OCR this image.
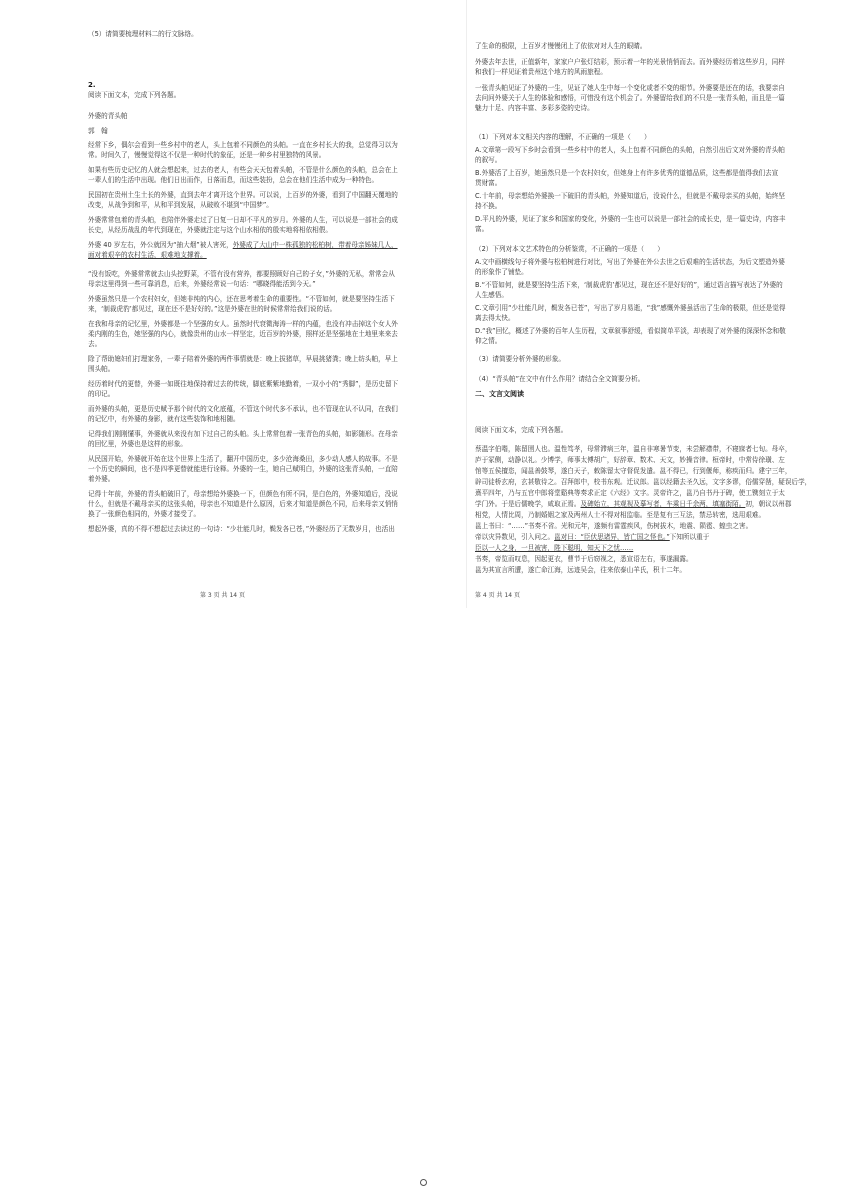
（5）请简要梳理材料二的行文脉络。
2.
阅读下面文本，完成下列各题。
外婆的青头帕
郭　翰
经常下乡，偶尔会看到一些乡村中的老人，头上包着不同颜色的头帕。一直在乡村长大的我，总觉得习以为
常。时间久了，慢慢觉得这不仅是一种时代的象征，还是一种乡村里独特的风景。
如果有些历史记忆的人就会想起来，过去的老人，有些会天天包着头帕，不管是什么颜色的头帕，总会在上
一辈人们的生活中出现。他们日出而作，日落而息，而这些装扮，总会在他们生活中成为一种特色。
民国初在贵州土生土长的外婆，直到去年才离开这个世界。可以说，上百岁的外婆，看到了中国翻天覆地的
改变，从战争到和平，从和平到发展，从破败不堪到“中国梦”。
外婆常常包着的青头帕，也陪伴外婆走过了日复一日却不平凡的岁月。外婆的人生，可以说是一部社会的成
长史，从经历战乱的年代到现在，外婆就注定与这个山水相依的殷实地将相依相偎。
外婆 40 岁左右，外公就因为“抽大烟”被人害死，外婆成了大山中一株孤独的松柏树，带着母亲姊妹几人，
面对着艰辛的农村生活，艰难地支撑着。
“没有饭吃，外婆常常就去山头挖野菜，不管有没有营养，都要照顾好自己的子女，”外婆的无私，常常会从
母亲这里得到一些可靠消息，后来，外婆经常说一句话：“哪晓得能活到今天。”
外婆虽然只是一个农村妇女，但她非纯的内心，还在思考着生命的重要性。“不管如何，就是要坚持生活下
来，‘制裁虎豹’都见过，现在还不是好好的。”这是外婆在世的时候常常给我们说的话。
在我和母亲的记忆里，外婆都是一个坚强的女人。虽然时代衰微海涛一样的内蕴，也没有冲击掉这个女人外
柔内刚的生色，她坚强的内心，就像贵州的山水一样坚定，近百岁的外婆，照样还是坚强地在土地里来来去
去。
除了帮助媳妇们打理家务，一辈子陪着外婆的两件事情就是：晚上拔猪草，早晨挑猪粪；晚上纺头帕，早上
围头帕。
经历着时代的更替，外婆一如既往地保持着过去的传统，脚底紫紫地勤着，一双小小的“秀脚”，是历史留下
的印记。
而外婆的头帕，更是历史赋予那个时代的文化底蕴，不管这个时代多不承认，也不管现在认不认同，在我们
的记忆中，有外婆的身影，就有这些装饰和地相随。
记得我们刚刚懂事，外婆就从来没有加下过自己的头帕。头上常常包着一张青色的头帕，如影随形。在母亲
的回忆里，外婆也是这样的形象。
从民国开始，外婆就开始在这个世界上生活了，翻开中国历史，多少沧海桑田，多少动人感人的故事。不是
一个历史的瞬间，也不是四季更替就能进行诠释。外婆的一生，她自己赋明白，外婆的这张青头帕，一直陪
着外婆。
记得十年前，外婆的青头帕破旧了，母亲想给外婆换一下，但颜色有所不同，是白色的，外婆知道后，没说
什么，但就是不戴母亲买的这张头帕，母亲也不知道是什么原因，后来才知道是颜色不同，后来母亲又悄悄
换了一张颜色相同的，外婆才接受了。
想起外婆，真的不得不想起过去读过的一句诗：“少壮能几时，鬓发各已苍，”外婆经历了无数岁月，也活出
了生命的极限，上百岁才慢慢闭上了依依对对人生的眼睛。
外婆去年去世，正值新年，家家户户张灯结彩，预示着一年的光景悄悄而去。而外婆经历着这些岁月，同样
和我们一样见证着贵州这个地方的风雨旅程。
一张青头帕见证了外婆的一生，见证了她人生中每一个变化或者不变的细节。外婆要是还在的话，我要亲自
去问问外婆关于人生的体验和感悟，可惜没有这个机会了。外婆留给我们的不只是一张青头帕，而且是一篇
魅力十足、内容丰富、多彩多姿的史诗。
（1）下列对本文相关内容的理解，不正确的一项是（　　）
A.文章第一段写下乡时会看到一些乡村中的老人，头上包着不同颜色的头帕，自然引出后文对外婆的青头帕
的叙写。
B.外婆活了上百岁，她虽然只是一个农村妇女，但她身上有许多优秀的道德品质，这些都是值得我们去宣
贯财富。
C.十年前，母亲想给外婆换一下破旧的青头帕，外婆知道后，没说什么，但就是不戴母亲买的头帕，始终坚
持不换。
D.平凡的外婆，见证了家乡和国家的变化，外婆的一生也可以说是一部社会的成长史，是一篇史诗，内容丰
富。
（2）下列对本文艺术特色的分析鉴赏，不正确的一项是（　　）
A.文中画横线句子将外婆与松柏树进行对比，写出了外婆在外公去世之后艰难的生活状态，为后文塑造外婆
的形象作了铺垫。
B.“不管如何，就是要坚持生活下来，‘制裁虎豹’都见过，现在还不是好好的”，通过语言描写表达了外婆的
人生感悟。
C.文章引用“少壮能几时，鬓发各已苍”，写出了岁月易逝，“我”感慨外婆虽活出了生命的极限，但还是觉得
离去得太快。
D.“我”回忆，概述了外婆的百年人生历程，文章叙事舒缓，看似简单平淡，却表现了对外婆的深深怀念和敬
仰之情。
（3）请简要分析外婆的形象。
（4）“青头帕”在文中有什么作用？请结合全文简要分析。
二、文言文阅读
阅读下面文本，完成下列各题。
蔡温字伯喈，陈留圉人也。温性笃孝，母常滞病三年，温自非寒暑节变，未尝解襟带，不寝寐者七旬。母卒，
庐于冢侧，动静以礼。少博学，师事太傅胡广，好辞章、数术、天文，妙操音律。桓帝时，中常侍徐璜、左
悺等五侯擅恣，闻邕善鼓琴，遂白天子，敕陈留太守督促发遣。邕不得已，行到偃师，称疾而归。建宁三年，
辟司徒桥玄府，玄甚敬待之。召拜郎中，校书东观。迁议郎。邕以经籍去圣久远，文字多谬，俗儒穿凿，疑误后学，
熹平四年，乃与五官中郎将堂谿典等奏求正定《六经》文字。灵帝许之，邕乃自书丹于碑，使工镌刻立于太
学门外。于是后儒晚学，咸取正焉。及碑始立，其观视及摹写者，车乘日千余两，填塞街陌。初，朝议以州郡
相党，人情比周，乃制婚姻之家及两州人士不得对相监临。至是复有三互法，禁忌转密，选用艰难。
邕上书曰：“……”书奏不省。光和元年，遂频有雷霆疾风，伤树拔木，地震、陨雹、蝗虫之害。
帝以灾异数见，引入问之。邕对曰：“臣伏思诸异，皆亡国之怪也。”下知所以重于
臣以一人之身，一旦被害，陛下聪明，知天下之忧……
书奏，帝览而叹息，因起更衣，曹节于后窃视之，悉宣语左右，事遂漏露。
邕为其宣言所遭，遂亡命江海，远迹吴会，往来依泰山羊氏，积十二年。
第 3 页 共 14 页	第 4 页 共 14 页
